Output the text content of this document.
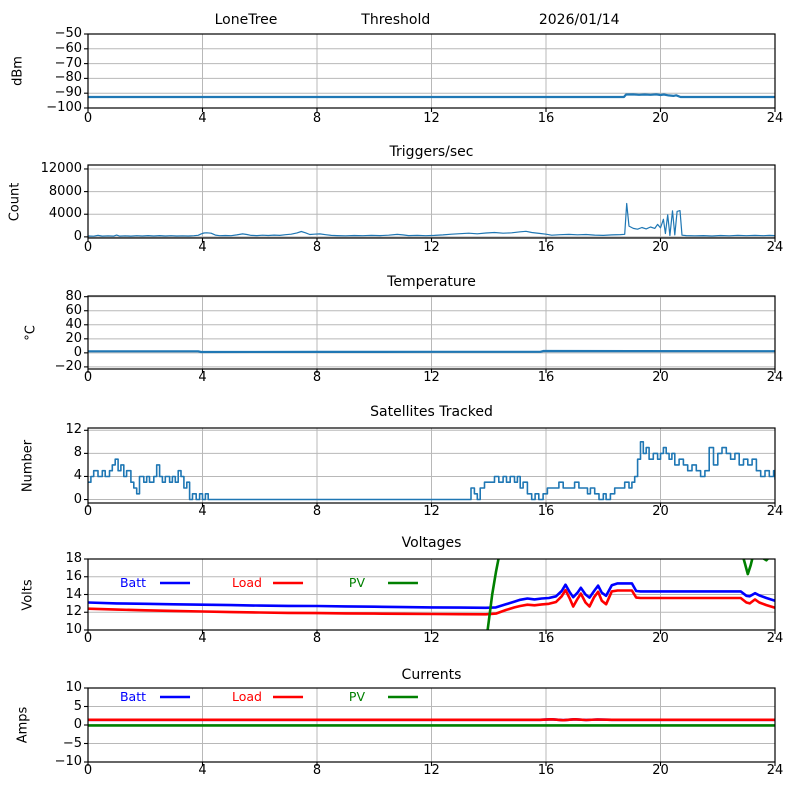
LoneTree	Threshold	2026/01/14
dBm
−50
−60
−70
−80
−90
−100
0	4	8	12	16	20	24
Triggers/sec
Count
12000
8000
4000
0
0	4	8	12	16	20	24
Temperature
°C
80
60
40
20
0
−20
0	4	8	12	16	20	24
Satellites Tracked
Number
12
8
4
0
0	4	8	12	16	20	24
Voltages
Volts
18
16
14
12
10
0	4	8	12	16	20	24
Batt	Load	PV
Currents
Amps
10
5
0
−5
−10
0	4	8	12	16	20	24
Batt	Load	PV
